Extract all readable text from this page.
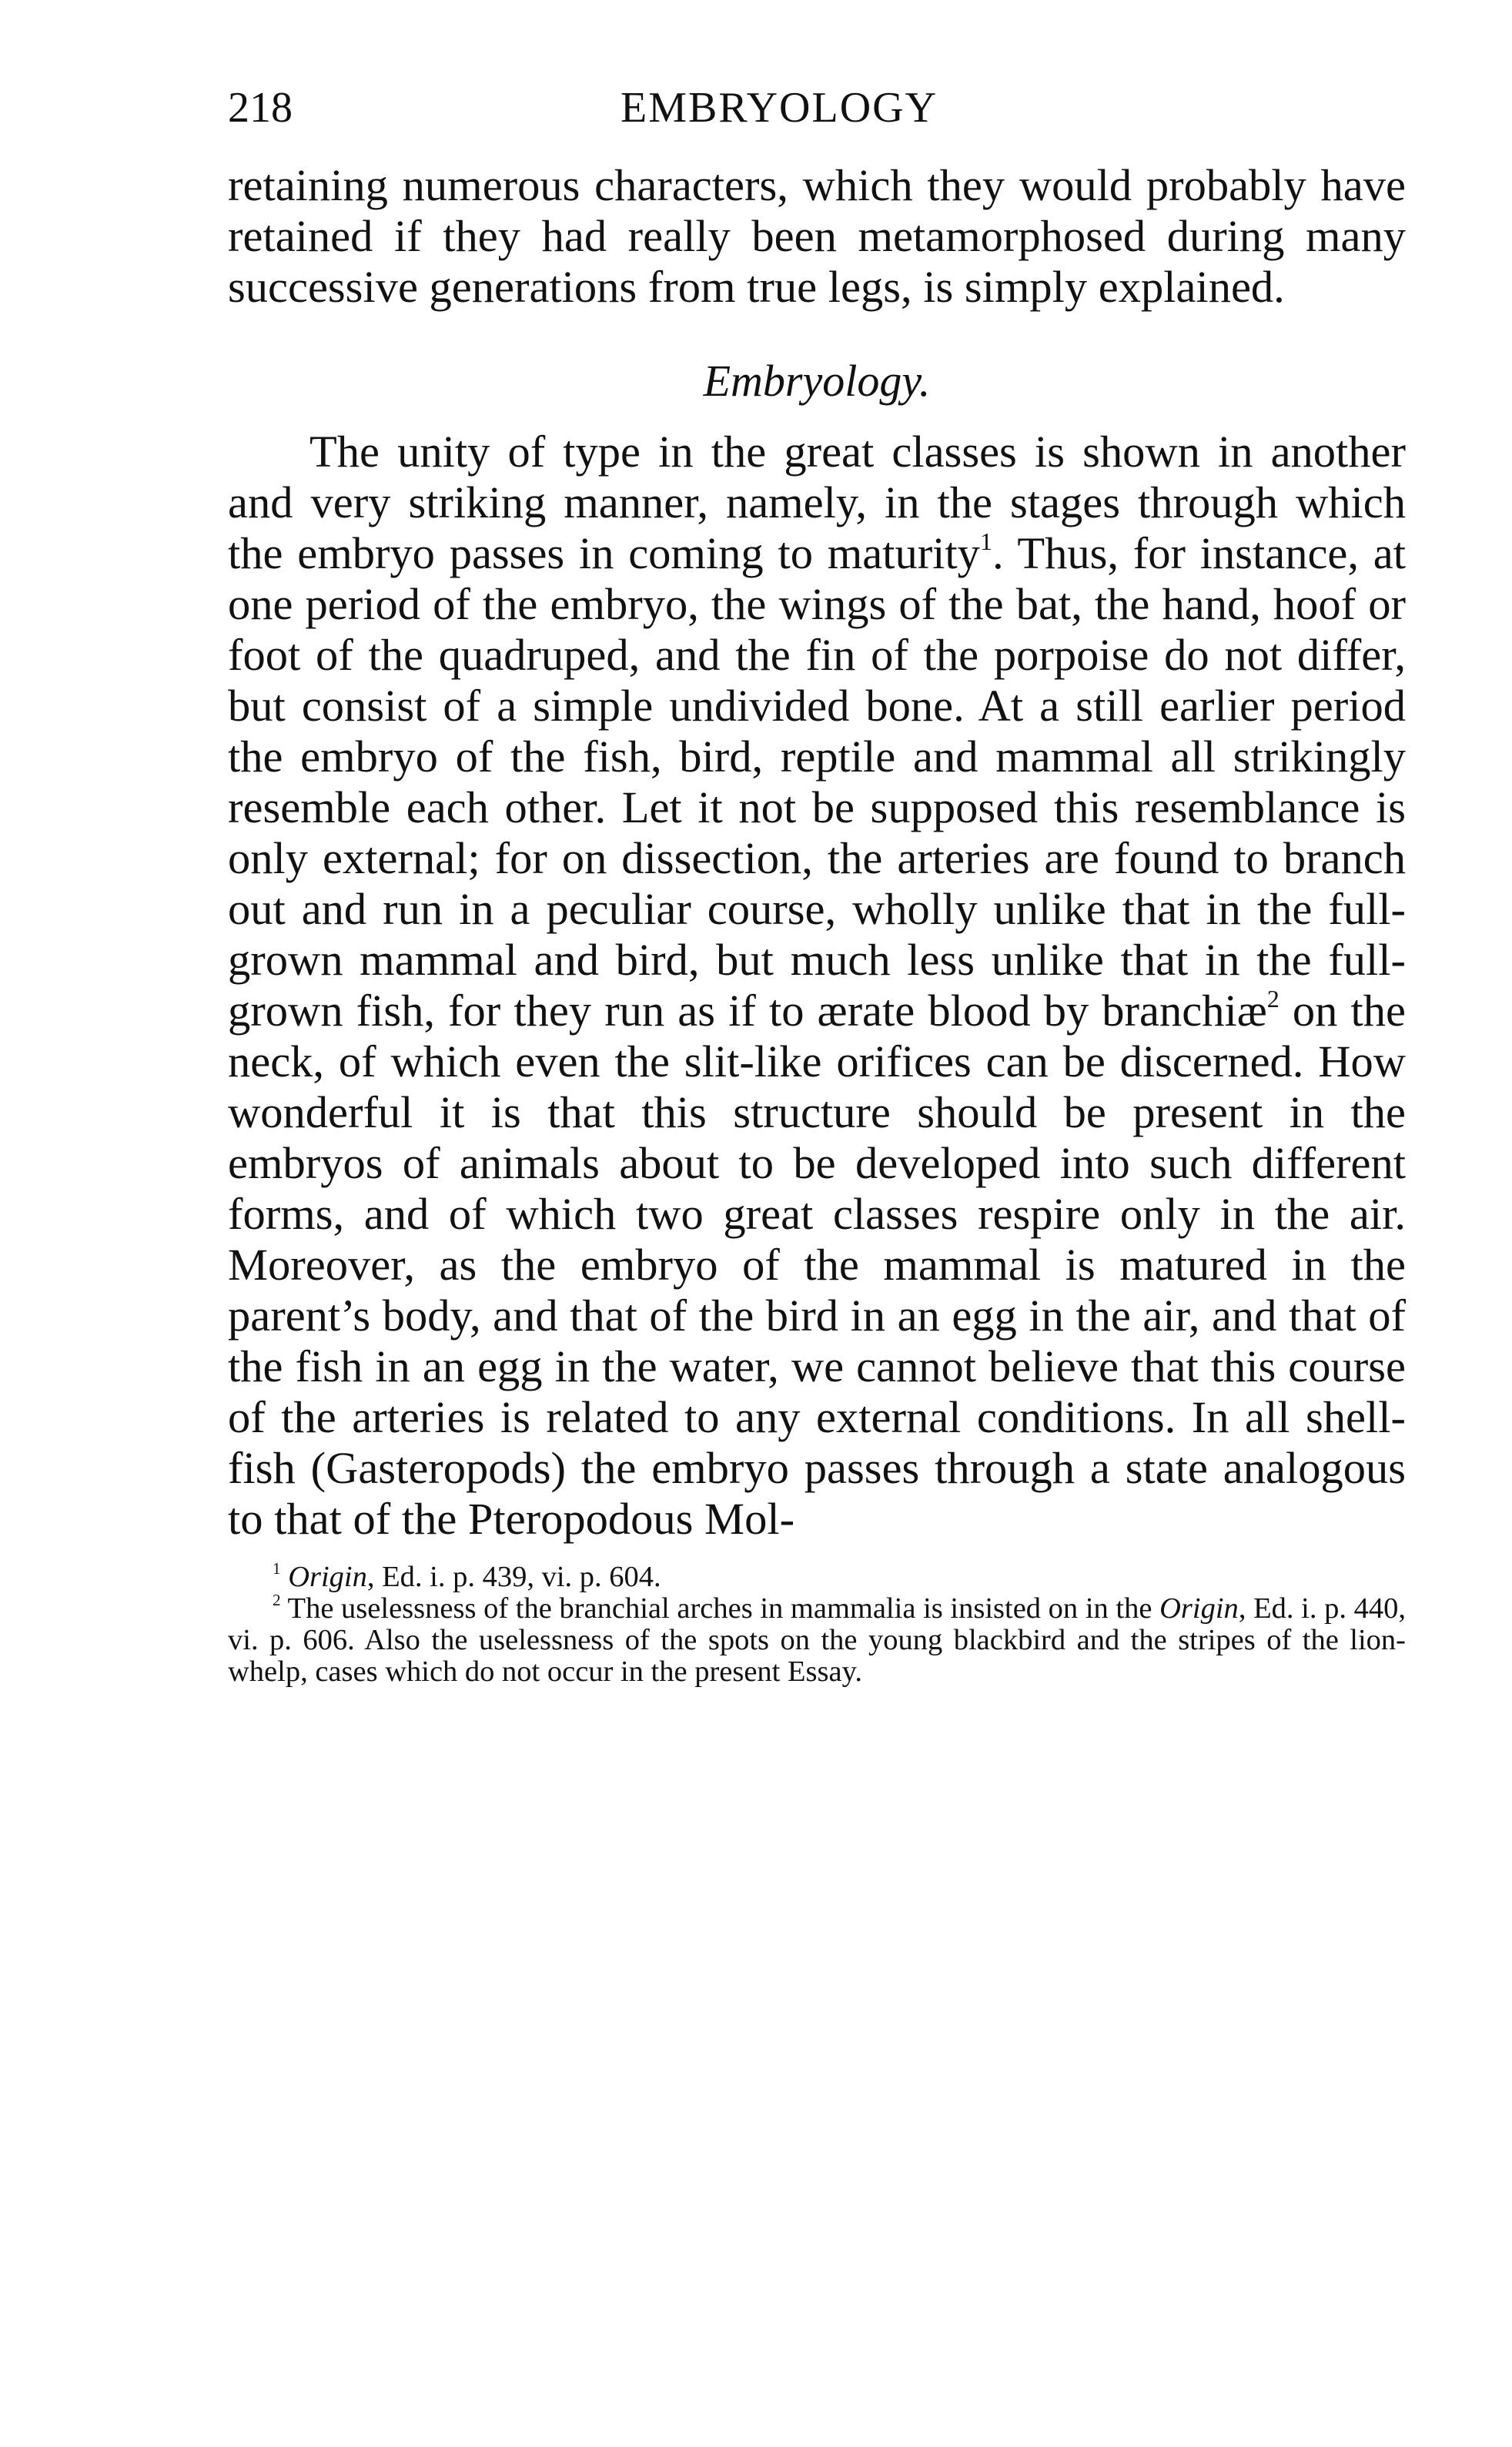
218	EMBRYOLOGY

retaining numerous characters, which they would probably have retained if they had really been metamorphosed during many successive generations from true legs, is simply explained.

Embryology.

The unity of type in the great classes is shown in another and very striking manner, namely, in the stages through which the embryo passes in coming to maturity$^1$. Thus, for instance, at one period of the embryo, the wings of the bat, the hand, hoof or foot of the quadruped, and the fin of the porpoise do not differ, but consist of a simple undivided bone. At a still earlier period the embryo of the fish, bird, reptile and mammal all strikingly resemble each other. Let it not be supposed this resemblance is only external; for on dissection, the arteries are found to branch out and run in a peculiar course, wholly unlike that in the full-grown mammal and bird, but much less unlike that in the full-grown fish, for they run as if to ærate blood by branchiæ$^2$ on the neck, of which even the slit-like orifices can be discerned. How wonderful it is that this structure should be present in the embryos of animals about to be developed into such different forms, and of which two great classes respire only in the air. Moreover, as the embryo of the mammal is matured in the parent’s body, and that of the bird in an egg in the air, and that of the fish in an egg in the water, we cannot believe that this course of the arteries is related to any external conditions. In all shell-fish (Gasteropods) the embryo passes through a state analogous to that of the Pteropodous Mol-

$^1$ Origin, Ed. i. p. 439, vi. p. 604.

$^2$ The uselessness of the branchial arches in mammalia is insisted on in the Origin, Ed. i. p. 440, vi. p. 606. Also the uselessness of the spots on the young blackbird and the stripes of the lion-whelp, cases which do not occur in the present Essay.
